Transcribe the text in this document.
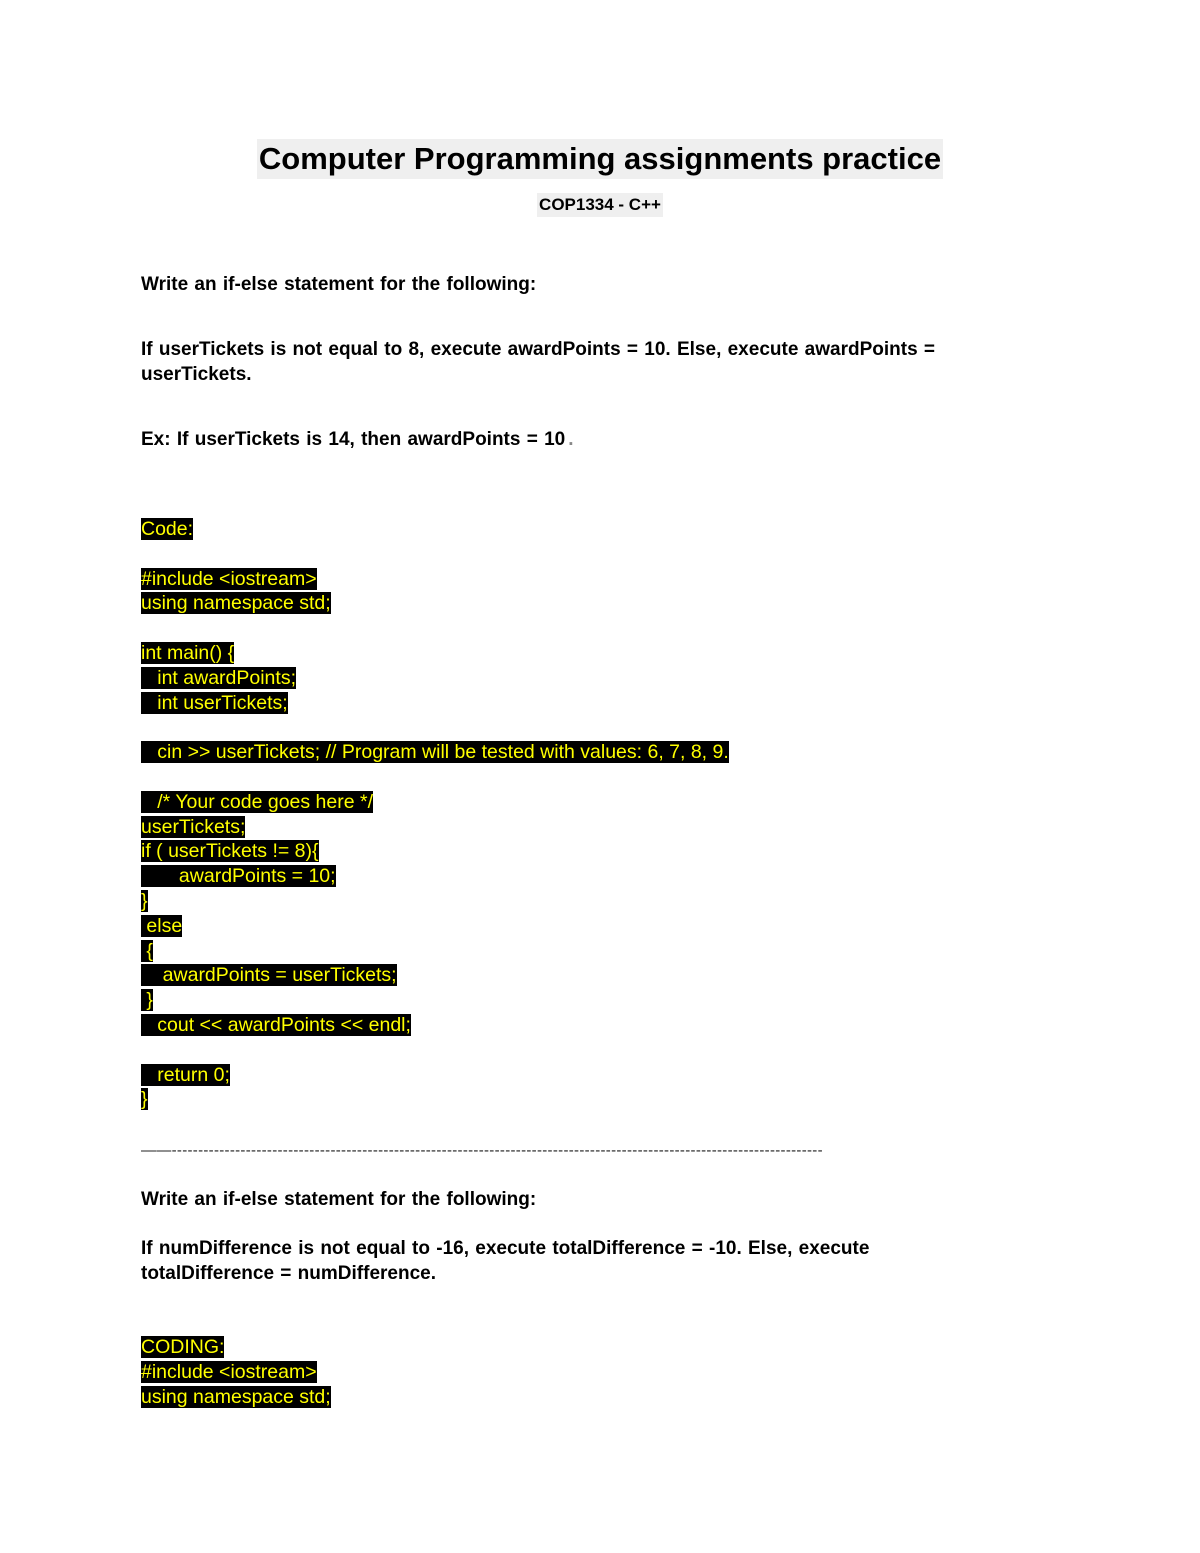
Computer Programming assignments practice
COP1334 - C++
Write an if-else statement for the following:
If userTickets is not equal to 8, execute awardPoints = 10. Else, execute awardPoints = userTickets.
Ex: If userTickets is 14, then awardPoints = 10 .
Code:
#include <iostream>
using namespace std;
int main() {
int awardPoints;
int userTickets;
cin >> userTickets; // Program will be tested with values: 6, 7, 8, 9.
/* Your code goes here */
userTickets;
if ( userTickets != 8){
awardPoints = 10;
}
else
{
awardPoints = userTickets;
}
cout << awardPoints << endl;
return 0;
}
——---------------------------------------------------------------------------------------------------------------------------
Write an if-else statement for the following:
If numDifference is not equal to -16, execute totalDifference = -10. Else, execute totalDifference = numDifference.
CODING:
#include <iostream>
using namespace std;
